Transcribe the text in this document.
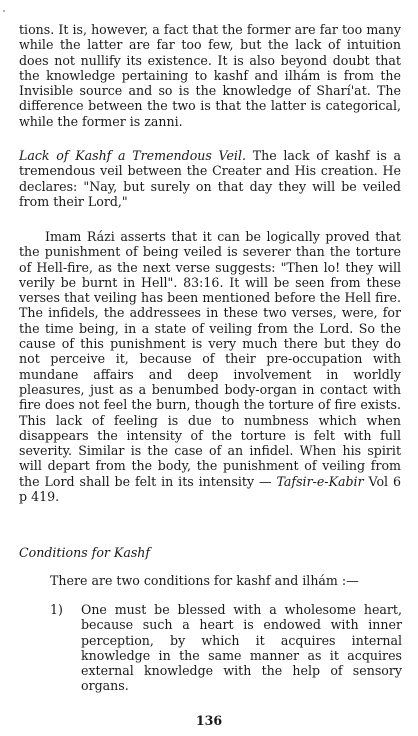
tions. It is, however, a fact that the former are far too many while the latter are far too few, but the lack of intuition does not nullify its existence. It is also beyond doubt that the knowledge pertaining to kashf and ilhám is from the Invisible source and so is the knowledge of Sharí'at. The difference between the two is that the latter is categorical, while the former is zanni.

Lack of Kashf a Tremendous Veil. The lack of kashf is a tremendous veil between the Creater and His creation. He declares: "Nay, but surely on that day they will be veiled from their Lord,"

Imam Rázi asserts that it can be logically proved that the punishment of being veiled is severer than the torture of Hell-fire, as the next verse suggests: "Then lo! they will verily be burnt in Hell". 83:16. It will be seen from these verses that veiling has been mentioned before the Hell fire. The infidels, the addressees in these two verses, were, for the time being, in a state of veiling from the Lord. So the cause of this punishment is very much there but they do not perceive it, because of their pre-occupation with mundane affairs and deep involvement in worldly pleasures, just as a benumbed body-organ in contact with fire does not feel the burn, though the torture of fire exists. This lack of feeling is due to numbness which when disappears the intensity of the torture is felt with full severity. Similar is the case of an infidel. When his spirit will depart from the body, the punishment of veiling from the Lord shall be felt in its intensity — Tafsir-e-Kabir Vol 6 p 419.

Conditions for Kashf

There are two conditions for kashf and ilhám :—

1) One must be blessed with a wholesome heart, because such a heart is endowed with inner perception, by which it acquires internal knowledge in the same manner as it acquires external knowledge with the help of sensory organs.

136
